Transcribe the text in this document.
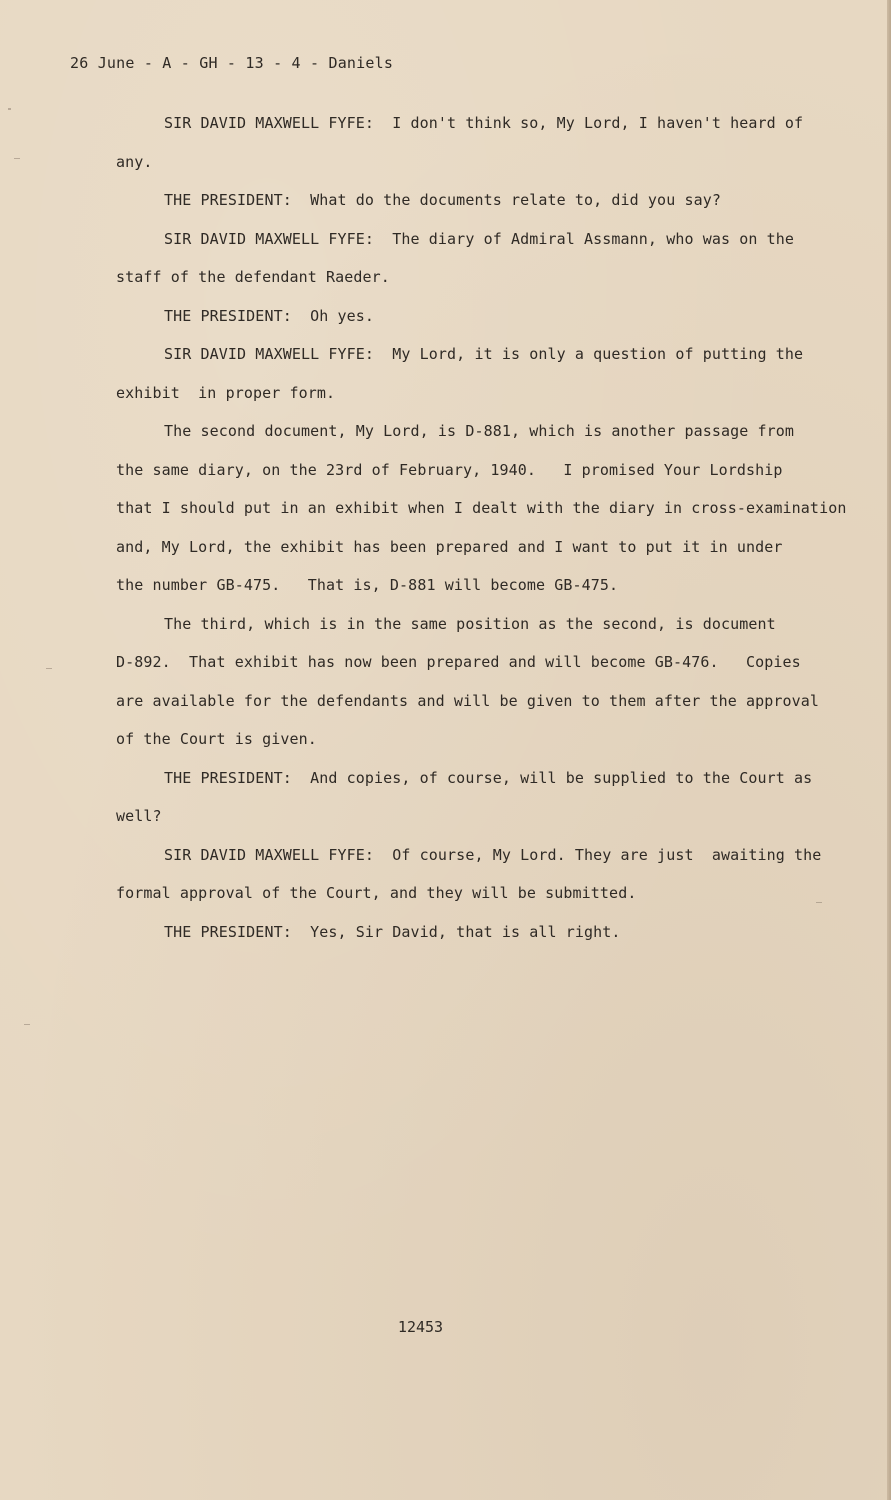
26 June - A - GH - 13 - 4 - Daniels

SIR DAVID MAXWELL FYFE:  I don't think so, My Lord, I haven't heard of
any.

THE PRESIDENT:  What do the documents relate to, did you say?

SIR DAVID MAXWELL FYFE:  The diary of Admiral Assmann, who was on the
staff of the defendant Raeder.

THE PRESIDENT:  Oh yes.

SIR DAVID MAXWELL FYFE:  My Lord, it is only a question of putting the
exhibit  in proper form.

The second document, My Lord, is D-881, which is another passage from
the same diary, on the 23rd of February, 1940.   I promised Your Lordship
that I should put in an exhibit when I dealt with the diary in cross-examination
and, My Lord, the exhibit has been prepared and I want to put it in under
the number GB-475.   That is, D-881 will become GB-475.

The third, which is in the same position as the second, is document
D-892.  That exhibit has now been prepared and will become GB-476.   Copies
are available for the defendants and will be given to them after the approval
of the Court is given.

THE PRESIDENT:  And copies, of course, will be supplied to the Court as
well?

SIR DAVID MAXWELL FYFE:  Of course, My Lord. They are just  awaiting the
formal approval of the Court, and they will be submitted.

THE PRESIDENT:  Yes, Sir David, that is all right.

12453
